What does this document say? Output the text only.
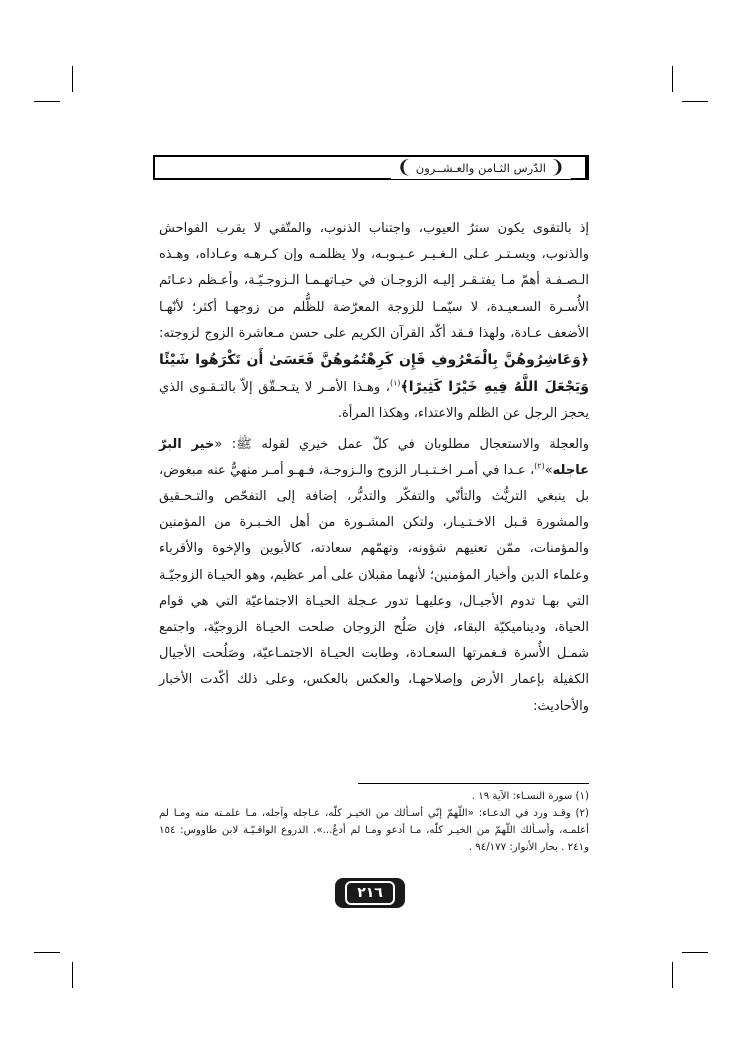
❨
الدّرس الثـامن والعـشــرون
❩

إذ بالتقوى يكون سترُ العيوب، واجتناب الذنوب، والمتّقي لا يقرب الفواحش والذنوب، ويسـتـر عـلى الـغـيـر عـيـوبـه، ولا يظلمـه وإن كـرهـه وعـاداه، وهـذه الـصـفـة أهمّ مـا يفتـقـر إليـه الزوجـان في حيـاتهـمـا الـزوجـيّـة، وأعـظم دعـائم الأُسـرة السـعيـدة، لا سيّمـا للزوجة المعرّضة للظُّلم من زوجهـا أكثر؛ لأنّهـا الأضعف عـادة، ولهذا فـقد أكّد القرآن الكريم على حسن مـعاشرة الزوج لزوجته: ﴿وَعَاشِرُوهُنَّ بِالْمَعْرُوفِ فَإِن كَرِهْتُمُوهُنَّ فَعَسَىٰ أَن تَكْرَهُوا شَيْئًا وَيَجْعَلَ اللَّهُ فِيهِ خَيْرًا كَثِيرًا﴾$^{(١)}$، وهـذا الأمـر لا يتـحـقّق إلاّ بالتـقـوى الذي يحجز الرجل عن الظلم والاعتداء، وهكذا المرأة.

والعجلة والاستعجال مطلوبان في كلّ عمل خيري لقوله ﷺ: «خير البرّ عاجله»$^{(٢)}$، عـدا في أمـر اخـتـيـار الزوج والـزوجـة، فـهـو أمـر منهيٌّ عنه مبغوض، بل ينبغي التريُّث والتأنّي والتفكّر والتدبُّر، إضافة إلى التفحّص والتـحـقيق والمشورة قـبل الاخـتـيـار، ولتكن المشـورة من أهل الخـبـرة من المؤمنين والمؤمنات، ممّن تعنيهم شؤونه، وتهمّهم سعادته، كالأبوين والإخوة والأقرباء وعلماء الدين وأخيار المؤمنين؛ لأنهما مقبلان على أمر عظيم، وهو الحيـاة الزوجيّـة التي بهـا تدوم الأجيـال، وعليهـا تدور عـجلة الحيـاة الاجتماعيّة التي هي قوام الحياة، وديناميكيّة البقاء، فإن صَلُح الزوجان صلحت الحيـاة الزوجيّة، واجتمع شمـل الأُسرة فـغمرتها السعـادة، وطابت الحيـاة الاجتمـاعيّة، وصَلُحت الأجيال الكفيلة بإعمار الأرض وإصلاحهـا، والعكس بالعكس، وعلى ذلك أكّدت الأخبار والأحاديث:

(١) سورة النسـاء: الآية ١٩ .

(٢) وقـد ورد في الدعـاء: «اللّهمّ إنّي أسـألك من الخيـر كلّه، عـاجله وآجله، مـا علمـته منه ومـا لم أعلمـه، وأسـألك اللّهمّ من الخيـر كلّه، مـا أدعو ومـا لم أدعُ...». الدروع الواقـيّـة لابن طاووس: ١٥٤ و٢٤١ . بحار الأنوار: ٩٤/١٧٧ .

٢١٦
